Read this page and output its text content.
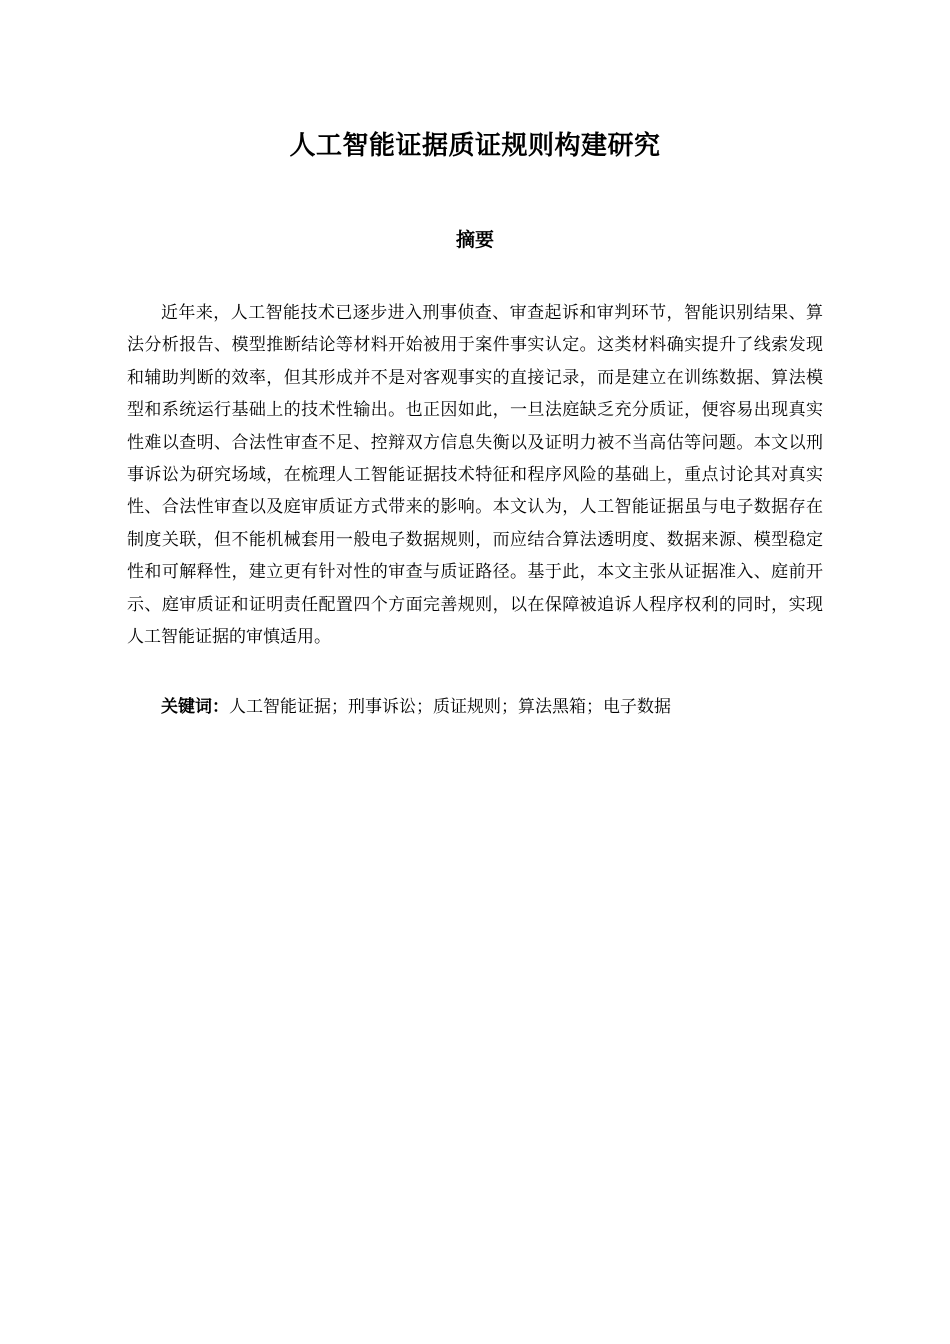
人工智能证据质证规则构建研究
摘要

近年来，人工智能技术已逐步进入刑事侦查、审查起诉和审判环节，智能识别结果、算法分析报告、模型推断结论等材料开始被用于案件事实认定。这类材料确实提升了线索发现和辅助判断的效率，但其形成并不是对客观事实的直接记录，而是建立在训练数据、算法模型和系统运行基础上的技术性输出。也正因如此，一旦法庭缺乏充分质证，便容易出现真实性难以查明、合法性审查不足、控辩双方信息失衡以及证明力被不当高估等问题。本文以刑事诉讼为研究场域，在梳理人工智能证据技术特征和程序风险的基础上，重点讨论其对真实性、合法性审查以及庭审质证方式带来的影响。本文认为，人工智能证据虽与电子数据存在制度关联，但不能机械套用一般电子数据规则，而应结合算法透明度、数据来源、模型稳定性和可解释性，建立更有针对性的审查与质证路径。基于此，本文主张从证据准入、庭前开示、庭审质证和证明责任配置四个方面完善规则，以在保障被追诉人程序权利的同时，实现人工智能证据的审慎适用。

关键词：人工智能证据；刑事诉讼；质证规则；算法黑箱；电子数据
